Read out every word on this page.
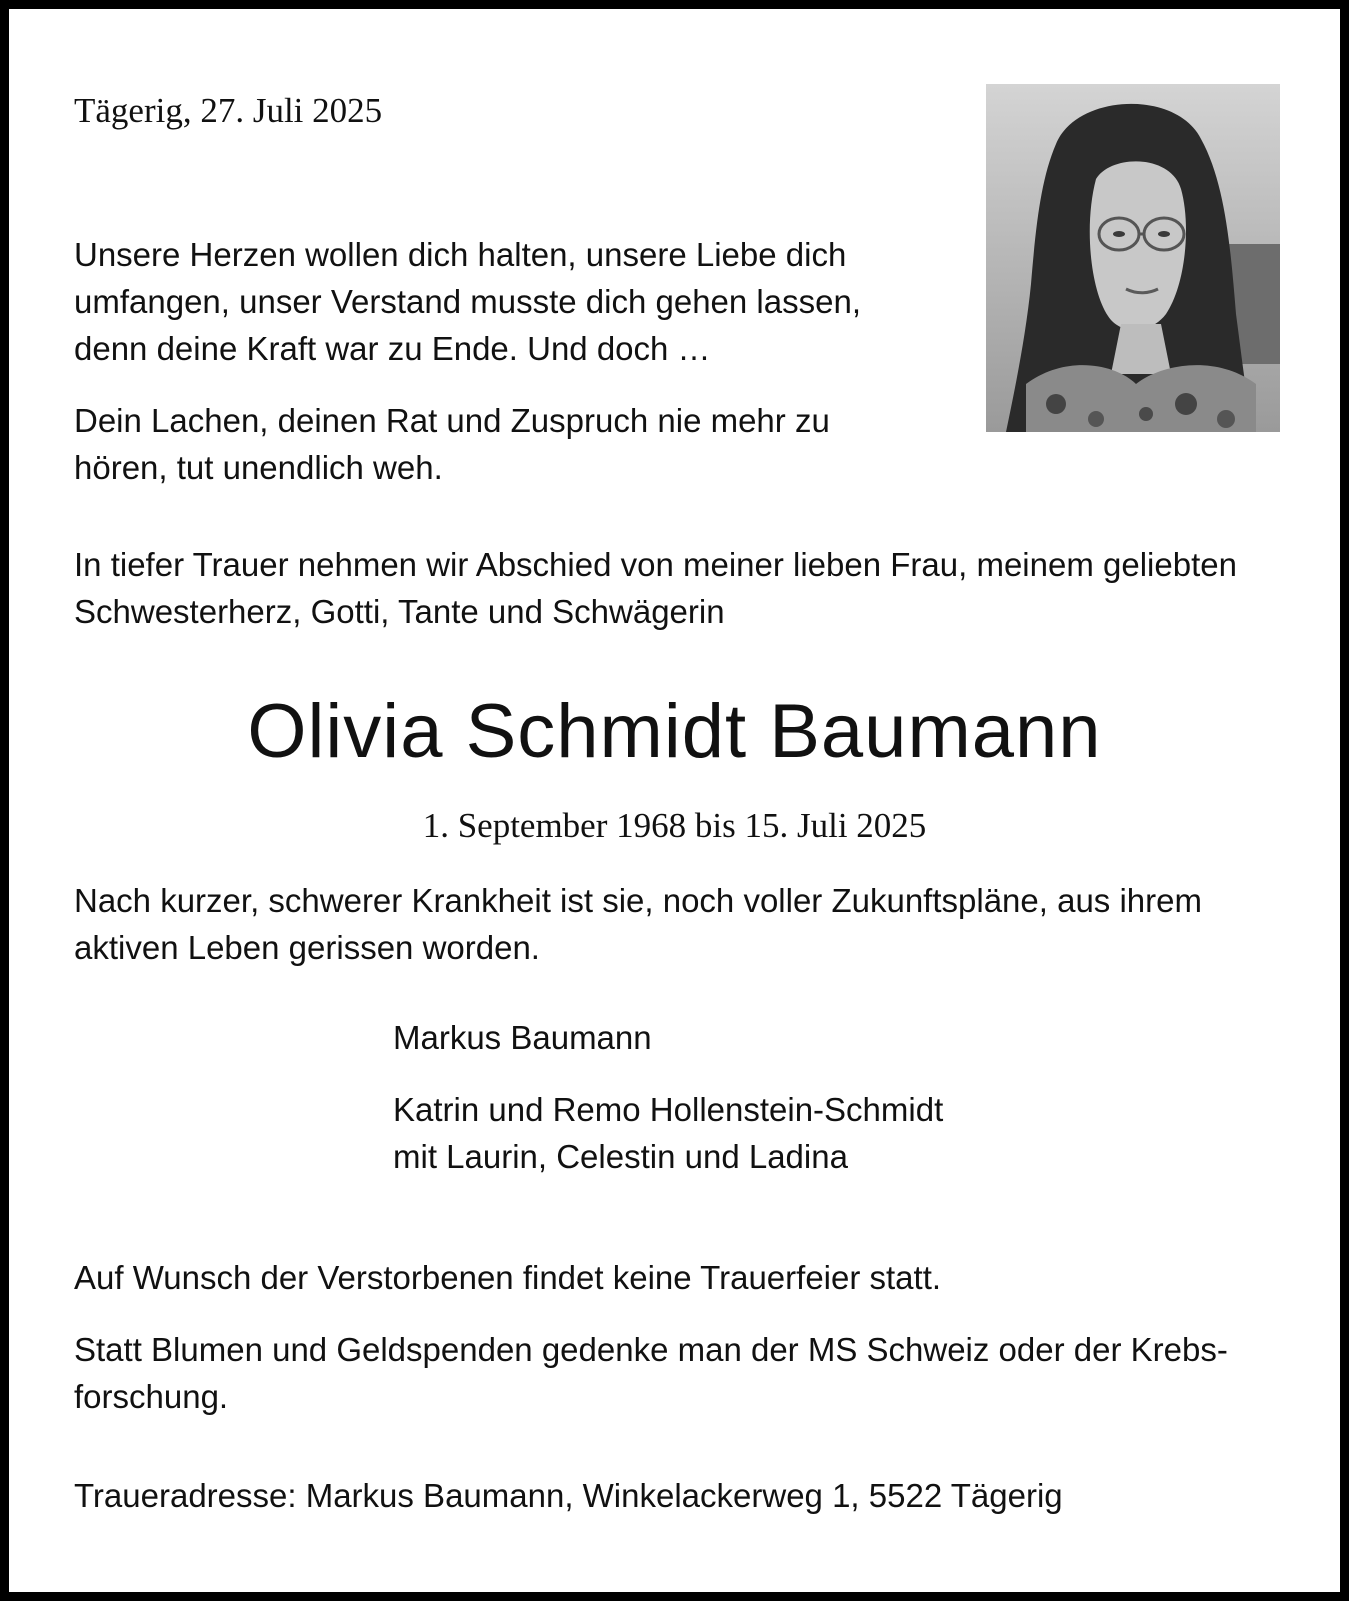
Tägerig, 27. Juli 2025

Unsere Herzen wollen dich halten, unsere Liebe dich

umfangen, unser Verstand musste dich gehen lassen,

denn deine Kraft war zu Ende. Und doch …

Dein Lachen, deinen Rat und Zuspruch nie mehr zu

hören, tut unendlich weh.

In tiefer Trauer nehmen wir Abschied von meiner lieben Frau, meinem geliebten

Schwesterherz, Gotti, Tante und Schwägerin

Olivia Schmidt Baumann

1. September 1968 bis 15. Juli 2025

Nach kurzer, schwerer Krankheit ist sie, noch voller Zukunftspläne, aus ihrem

aktiven Leben gerissen worden.

Markus Baumann

Katrin und Remo Hollenstein-Schmidt

mit Laurin, Celestin und Ladina

Auf Wunsch der Verstorbenen findet keine Trauerfeier statt.

Statt Blumen und Geldspenden gedenke man der MS Schweiz oder der Krebs-

forschung.

Traueradresse: Markus Baumann, Winkelackerweg 1, 5522 Tägerig
